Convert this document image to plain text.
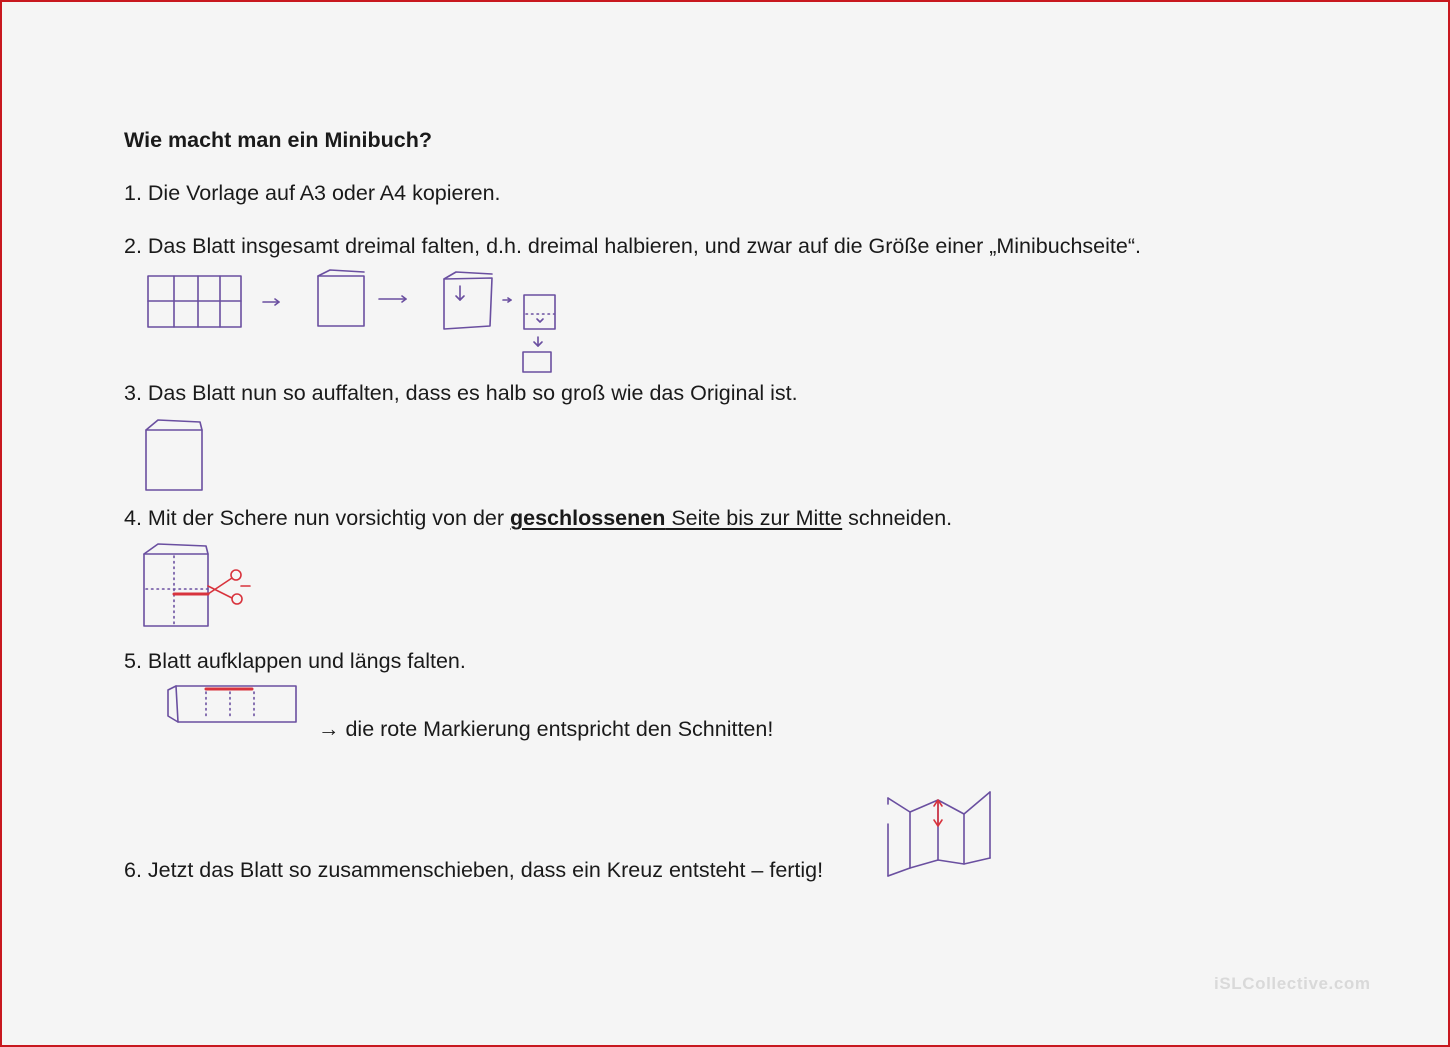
Wie macht man ein Minibuch?
1. Die Vorlage auf A3 oder A4 kopieren.
2. Das Blatt insgesamt dreimal falten, d.h. dreimal halbieren, und zwar auf die Größe einer „Minibuchseite“.
3. Das Blatt nun so auffalten, dass es halb so groß wie das Original ist.
4. Mit der Schere nun vorsichtig von der geschlossenen Seite bis zur Mitte schneiden.
5. Blatt aufklappen und längs falten.
→ die rote Markierung entspricht den Schnitten!
6. Jetzt das Blatt so zusammenschieben, dass ein Kreuz entsteht – fertig!
iSLCollective.com
